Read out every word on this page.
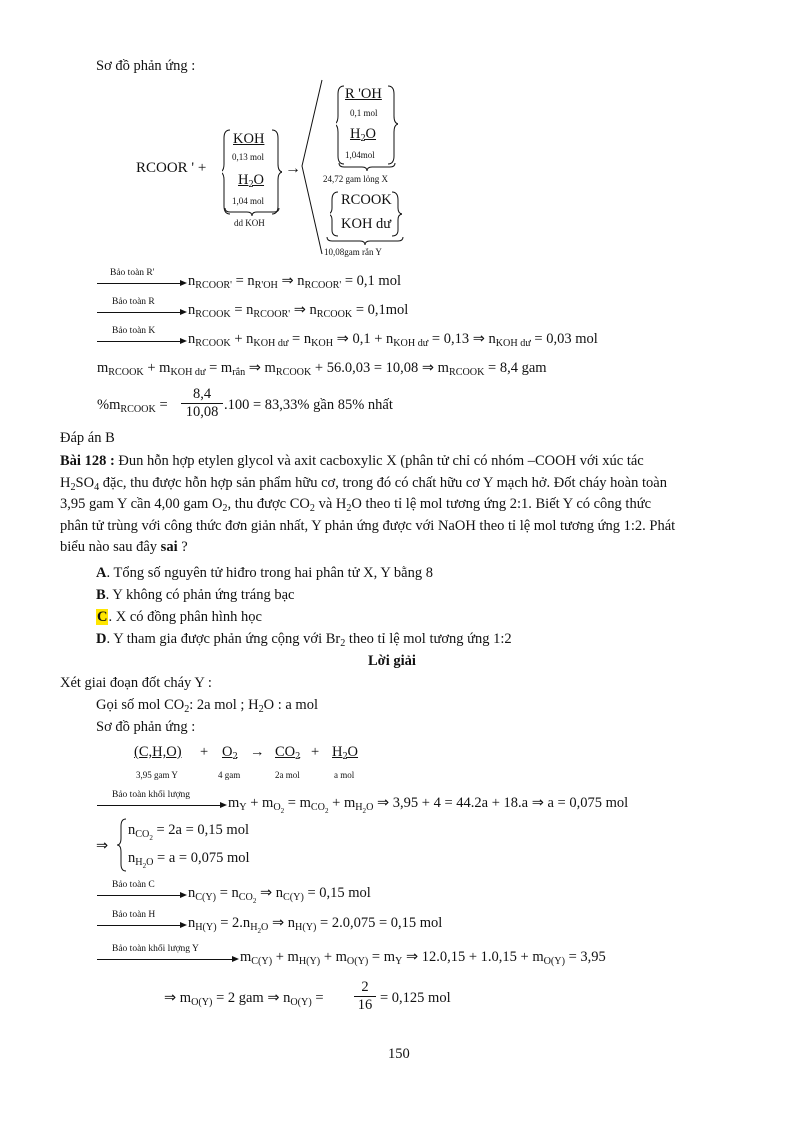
Sơ đồ phản ứng :
RCOOR ' +
KOH
0,13 mol
$H_2O$
1,04 mol
dd KOH
→
R 'OH
0,1 mol
$H_2O$
1,04mol
24,72 gam lỏng X
RCOOK
KOH dư
10,08gam rắn Y
Bảo toàn R' $n_{RCOOR'} = n_{R'OH}$ ⇒ $n_{RCOOR'} = 0,1$ mol
Bảo toàn R $n_{RCOOK} = n_{RCOOR'}$ ⇒ $n_{RCOOK} = 0,1mol$
Bảo toàn K $n_{RCOOK} + n_{KOH dư} = n_{KOH}$ ⇒ $0,1 + n_{KOH dư} = 0,13$ ⇒ $n_{KOH dư} = 0,03$ mol
$m_{RCOOK} + m_{KOH dư} = m_{rắn}$ ⇒ $m_{RCOOK} + 56.0,03 = 10,08$ ⇒ $m_{RCOOK} = 8,4$ gam
$\%m_{RCOOK} = \frac{8,4}{10,08} .100 = 83,33\%$ gần 85% nhất
Đáp án B
Bài 128 : Đun hỗn hợp etylen glycol và axit cacboxylic X (phân tử chỉ có nhóm –COOH với xúc tác
$H_2SO_4$ đặc, thu được hỗn hợp sản phẩm hữu cơ, trong đó có chất hữu cơ Y mạch hở. Đốt cháy hoàn toàn
3,95 gam Y cần 4,00 gam $O_2$, thu được $CO_2$ và $H_2O$ theo tỉ lệ mol tương ứng 2:1. Biết Y có công thức
phân tử trùng với công thức đơn giản nhất, Y phản ứng được với NaOH theo tỉ lệ mol tương ứng 1:2. Phát
biểu nào sau đây sai ?
A. Tổng số nguyên tử hiđro trong hai phân tử X, Y bằng 8
B. Y không có phản ứng tráng bạc
C. X có đồng phân hình học
D. Y tham gia được phản ứng cộng với $Br_2$ theo tỉ lệ mol tương ứng 1:2
Lời giải
Xét giai đoạn đốt cháy Y :
Gọi số mol $CO_2$: 2a mol ; $H_2O$ : a mol
Sơ đồ phản ứng :
$(C,H,O) + O_2 \to CO_2 + H_2O$
3,95 gam Y	4 gam	2a mol	a mol
Bảo toàn khối lượng	$m_Y + m_{O_2} = m_{CO_2} + m_{H_2O}$ ⇒ 3,95 + 4 = 44.2a + 18.a ⇒ a = 0,075 mol
⇒
$n_{CO_2} = 2a = 0,15$ mol
$n_{H_2O} = a = 0,075$ mol
Bảo toàn C $n_{C(Y)} = n_{CO_2}$ ⇒ $n_{C(Y)} = 0,15$ mol
Bảo toàn H $n_{H(Y)} = 2.n_{H_2O}$ ⇒ $n_{H(Y)} = 2.0,075 = 0,15$ mol
Bảo toàn khối lượng Y	$m_{C(Y)} + m_{H(Y)} + m_{O(Y)} = m_Y$ ⇒ $12.0,15 + 1.0,15 + m_{O(Y)} = 3,95$
⇒ $m_{O(Y)} = 2$ gam ⇒ $n_{O(Y)} = \frac{2}{16} = 0,125$ mol
150
